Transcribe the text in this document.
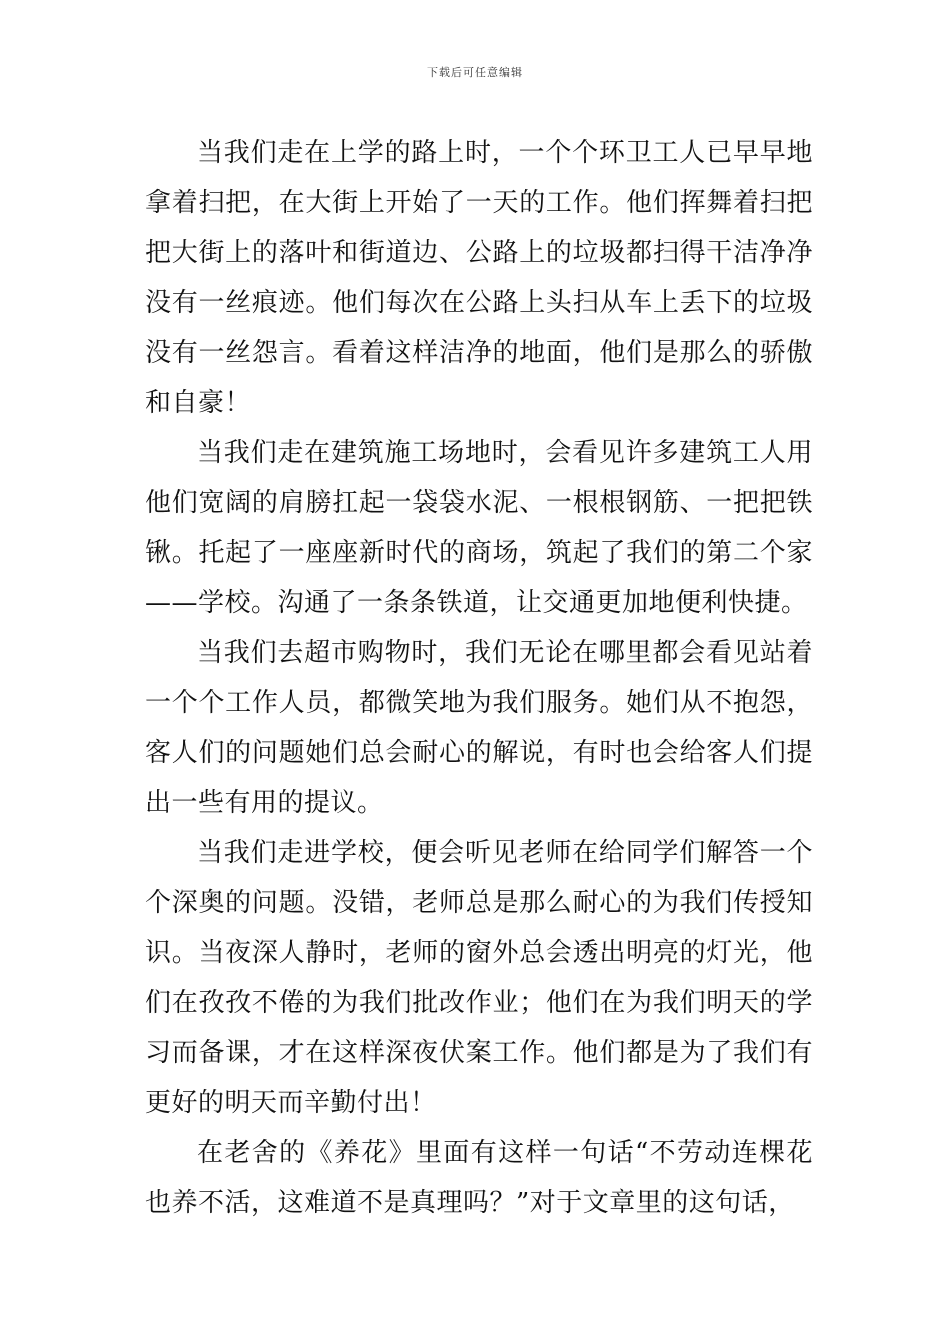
下载后可任意编辑

当我们走在上学的路上时，一个个环卫工人已早早地拿着扫把，在大街上开始了一天的工作。他们挥舞着扫把把大街上的落叶和街道边、公路上的垃圾都扫得干洁净净没有一丝痕迹。他们每次在公路上头扫从车上丢下的垃圾没有一丝怨言。看着这样洁净的地面，他们是那么的骄傲和自豪！

当我们走在建筑施工场地时，会看见许多建筑工人用他们宽阔的肩膀扛起一袋袋水泥、一根根钢筋、一把把铁锹。托起了一座座新时代的商场，筑起了我们的第二个家——学校。沟通了一条条铁道，让交通更加地便利快捷。

当我们去超市购物时，我们无论在哪里都会看见站着一个个工作人员，都微笑地为我们服务。她们从不抱怨，客人们的问题她们总会耐心的解说，有时也会给客人们提出一些有用的提议。

当我们走进学校，便会听见老师在给同学们解答一个个深奥的问题。没错，老师总是那么耐心的为我们传授知识。当夜深人静时，老师的窗外总会透出明亮的灯光，他们在孜孜不倦的为我们批改作业；他们在为我们明天的学习而备课，才在这样深夜伏案工作。他们都是为了我们有更好的明天而辛勤付出！

在老舍的《养花》里面有这样一句话“不劳动连棵花也养不活，这难道不是真理吗？”对于文章里的这句话，
